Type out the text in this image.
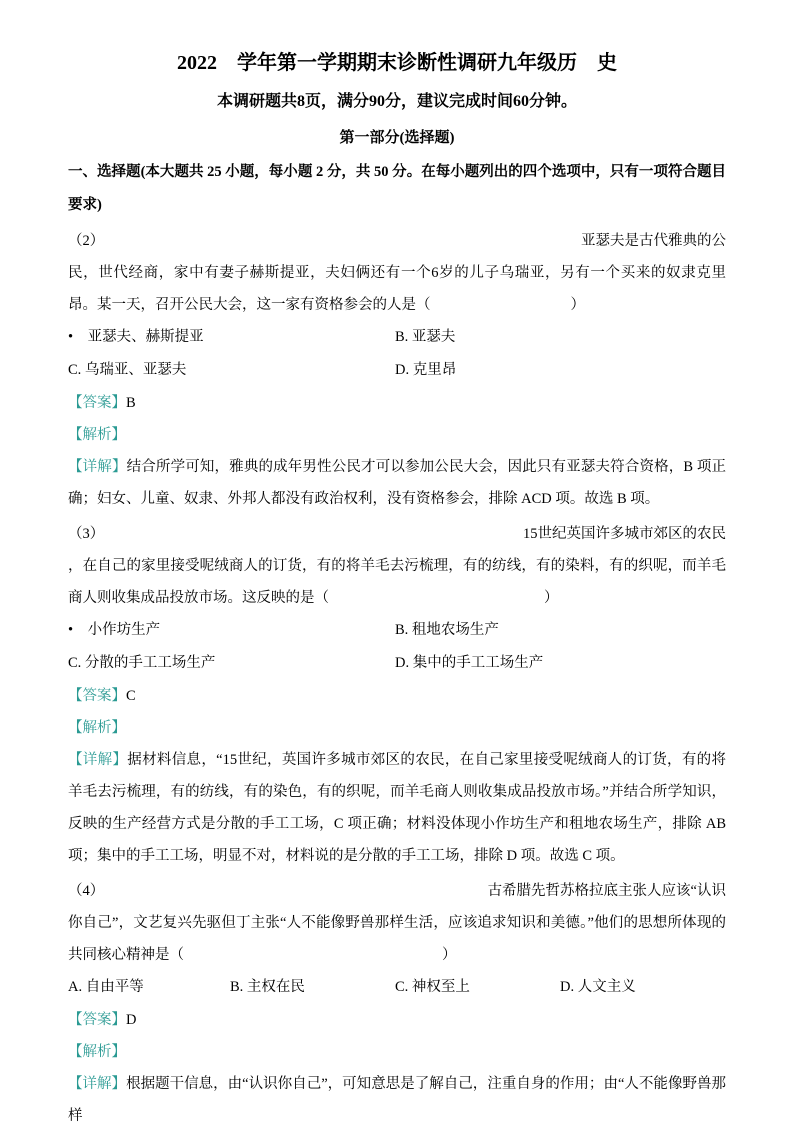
2022　学年第一学期期末诊断性调研九年级历　史

本调研题共8页，满分90分，建议完成时间60分钟。

第一部分(选择题)

一、选择题(本大题共 25 小题，每小题 2 分，共 50 分。在每小题列出的四个选项中，只有一项符合题目要求)

（2）	亚瑟夫是古代雅典的公

民，世代经商，家中有妻子赫斯提亚，夫妇俩还有一个6岁的儿子乌瑞亚，另有一个买来的奴隶克里昂。某一天，召开公民大会，这一家有资格参会的人是（	）

•　亚瑟夫、赫斯提亚	B. 亚瑟夫
C. 乌瑞亚、亚瑟夫	D. 克里昂

【答案】B

【解析】

【详解】结合所学可知，雅典的成年男性公民才可以参加公民大会，因此只有亚瑟夫符合资格，B 项正确；妇女、儿童、奴隶、外邦人都没有政治权利，没有资格参会，排除 ACD 项。故选 B 项。

（3）	15世纪英国许多城市郊区的农民

，在自己的家里接受呢绒商人的订货，有的将羊毛去污梳理，有的纺线，有的染料，有的织呢，而羊毛商人则收集成品投放市场。这反映的是（	）

•　小作坊生产	B. 租地农场生产
C. 分散的手工工场生产	D. 集中的手工工场生产

【答案】C

【解析】

【详解】据材料信息，“15世纪，英国许多城市郊区的农民，在自己家里接受呢绒商人的订货，有的将羊毛去污梳理，有的纺线，有的染色，有的织呢，而羊毛商人则收集成品投放市场。”并结合所学知识，反映的生产经营方式是分散的手工工场，C 项正确；材料没体现小作坊生产和租地农场生产，排除 AB 项；集中的手工工场，明显不对，材料说的是分散的手工工场，排除 D 项。故选 C 项。

（4）	古希腊先哲苏格拉底主张人应该“认识

你自己”，文艺复兴先驱但丁主张“人不能像野兽那样生活，应该追求知识和美德。”他们的思想所体现的共同核心精神是（	）

A. 自由平等	B. 主权在民	C. 神权至上	D. 人文主义

【答案】D

【解析】

【详解】根据题干信息，由“认识你自己”，可知意思是了解自己，注重自身的作用；由“人不能像野兽那样
